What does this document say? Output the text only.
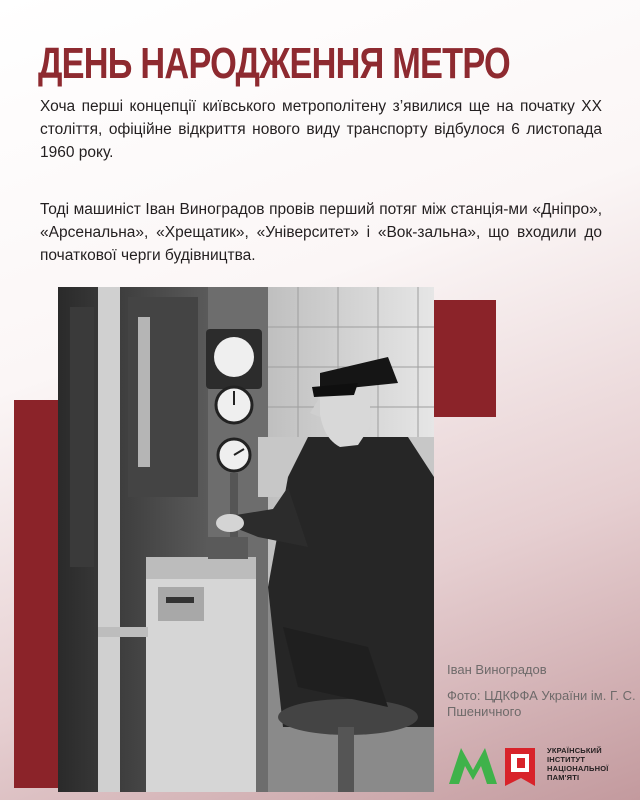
ДЕНЬ НАРОДЖЕННЯ МЕТРО

Хоча перші концепції київського метрополітену з’явилися ще на початку ХХ століття, офіційне відкриття нового виду транспорту відбулося 6 листопада 1960 року.

Тоді машиніст Іван Виноградов провів перший потяг між станція-ми «Дніпро», «Арсенальна», «Хрещатик», «Університет» і «Вок-зальна», що входили до початкової черги будівництва.

Іван Виноградов

Фото: ЦДКФФА України ім. Г. С. Пшеничного

УКРАЇНСЬКИЙ
ІНСТИТУТ
НАЦІОНАЛЬНОЇ
ПАМ'ЯТІ
